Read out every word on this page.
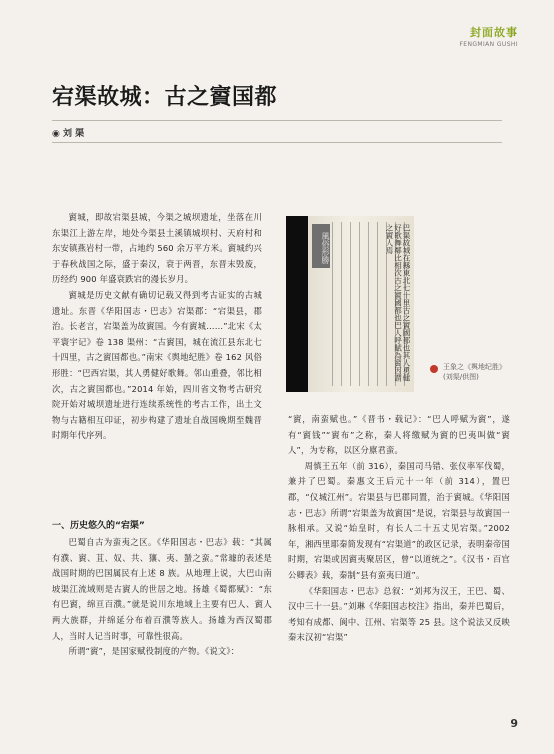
封面故事
FENGMIAN GUSHI
宕渠故城：古之賨国都
◉ 刘 渠
風俗形勝	巴渠故城在縣東北七十里古之賨國都也其人勇健好歌舞鄰比相次古之賨國都也巴人呼賦為賨因謂之賨人焉
王象之《舆地纪胜》(刘渠/供图)

賨城，即故宕渠县城，今渠之城坝遗址，坐落在川东渠江上游左岸，地处今渠县土溪镇城坝村、天府村和东安镇燕岩村一带，占地约 560 余万平方米。賨城约兴于春秋战国之际，盛于秦汉，衰于两晋，东晋末毁废，历经约 900 年盛衰跌宕的漫长岁月。

賨城是历史文献有确切记载又得到考古证实的古城遗址。东晋《华阳国志・巴志》宕渠郡：“宕渠县，郡治。长老言，宕渠盖为故賨国。今有賨城……”北宋《太平寰宇记》卷 138 渠州：“古賨国，城在流江县东北七十四里，古之賨国都也。”南宋《舆地纪胜》卷 162 风俗形胜：“巴西宕渠，其人勇健好歌舞。邻山重叠，邻比相次，古之賨国都也。”2014 年始，四川省文物考古研究院开始对城坝遗址进行连续系统性的考古工作，出土文物与古籍相互印证，初步构建了遗址自战国晚期至魏晋时期年代序列。

一、历史悠久的“宕渠”

巴蜀自古为蛮夷之区。《华阳国志・巴志》载：“其属有濮、賨、苴、奴、共、獽、夷、蜑之蛮。”常璩的表述是战国时期的巴国属民有上述 8 族。从地理上说，大巴山南坡渠江流域则是古賨人的世居之地。扬雄《蜀都赋》：“东有巴賨，绵亘百濮。”就是说川东地域上主要有巴人、賨人两大族群，并绵延分布着百濮等族人。扬雄为西汉蜀郡人，当时人记当时事，可靠性很高。

所谓“賨”，是国家赋役制度的产物。《说文》：

“賨，南蛮赋也。”《晋书・载记》：“巴人呼赋为賨”，遂有“賨钱”“賨布”之称，秦人将缴赋为賨的巴夷叫做“賨人”，为专称，以区分廪君蛮。

周慎王五年（前 316），秦国司马错、张仪率军伐蜀，兼并了巴蜀。秦惠文王后元十一年（前 314），置巴郡，“仪城江州”。宕渠县与巴郡同置，治于賨城。《华阳国志・巴志》所谓“宕渠盖为故賨国”是说，宕渠县与故賨国一脉相承。又说“始皇时，有长人二十五丈见宕渠。”2002 年，湘西里耶秦简发现有“宕渠道”的政区记录，表明秦帝国时期，宕渠或因賨夷聚居区，曾“以道统之”。《汉书・百官公卿表》载，秦制“县有蛮夷曰道”。

《华阳国志・巴志》总叙：“刘邦为汉王，王巴、蜀、汉中三十一县。”刘琳《华阳国志校注》指出，秦并巴蜀后，考知有成都、阆中、江州、宕渠等 25 县。这个说法又反映秦末汉初“宕渠”

9
